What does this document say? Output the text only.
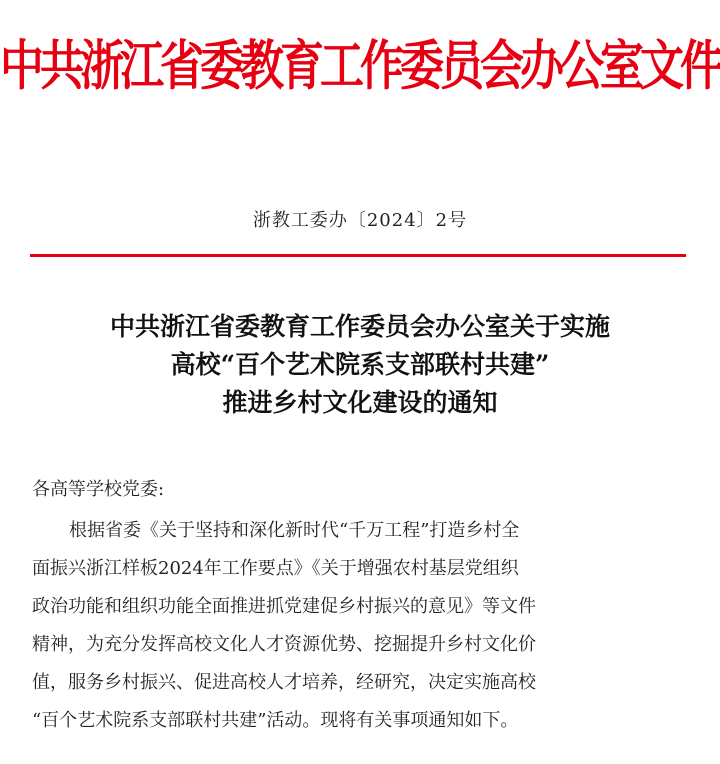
中共浙江省委教育工作委员会办公室文件
浙教工委办〔2024〕2号
中共浙江省委教育工作委员会办公室关于实施
高校“百个艺术院系支部联村共建”
推进乡村文化建设的通知
各高等学校党委:
根据省委《关于坚持和深化新时代“千万工程”打造乡村全
面振兴浙江样板2024年工作要点》《关于增强农村基层党组织
政治功能和组织功能全面推进抓党建促乡村振兴的意见》等文件
精神，为充分发挥高校文化人才资源优势、挖掘提升乡村文化价
值，服务乡村振兴、促进高校人才培养，经研究，决定实施高校
“百个艺术院系支部联村共建”活动。现将有关事项通知如下。
